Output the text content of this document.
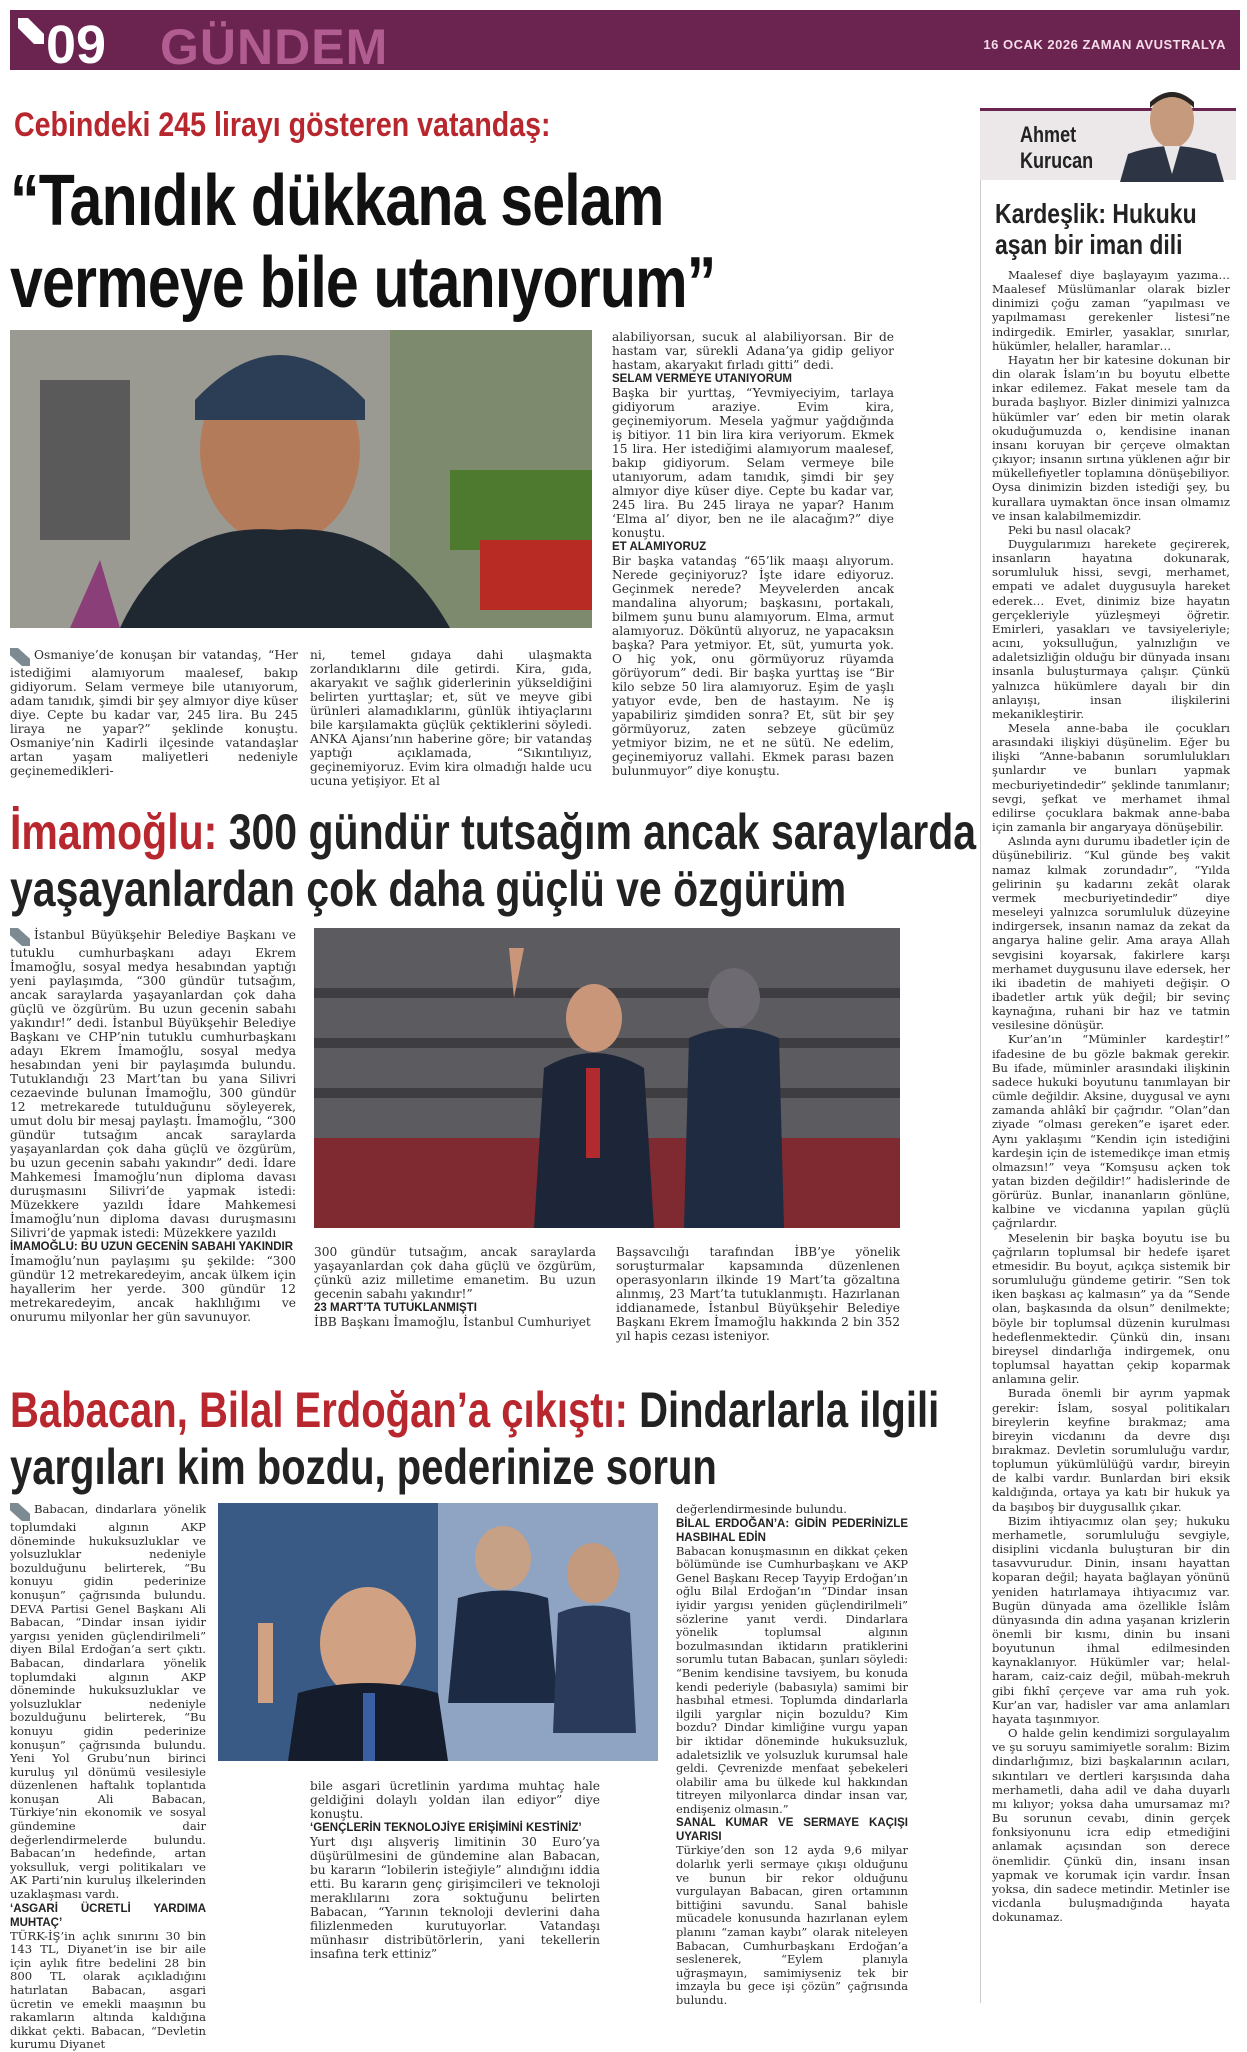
09 GÜNDEM	16 OCAK 2026 ZAMAN AVUSTRALYA
Cebindeki 245 lirayı gösteren vatandaş:
“Tanıdık dükkana selam
vermeye bile utanıyorum”
Osmaniye’de konuşan bir vatandaş, “Her istediğimi alamıyorum maalesef, bakıp gidiyorum. Selam vermeye bile utanıyorum, adam tanıdık, şimdi bir şey almıyor diye küser diye. Cepte bu kadar var, 245 lira. Bu 245 liraya ne yapar?” şeklinde konuştu. Osmaniye’nin Kadirli ilçesinde vatandaşlar artan yaşam maliyetleri nedeniyle geçinemedikleri-
ni, temel gıdaya dahi ulaşmakta zorlandıklarını dile getirdi. Kira, gıda, akaryakıt ve sağlık giderlerinin yükseldiğini belirten yurttaşlar; et, süt ve meyve gibi ürünleri alamadıklarını, günlük ihtiyaçlarını bile karşılamakta güçlük çektiklerini söyledi. ANKA Ajansı’nın haberine göre; bir vatandaş yaptığı açıklamada, “Sıkıntılıyız, geçinemiyoruz. Evim kira olmadığı halde ucu ucuna yetişiyor. Et al

alabiliyorsan, sucuk al alabiliyorsan. Bir de hastam var, sürekli Adana’ya gidip geliyor hastam, akaryakıt fırladı gitti” dedi.

SELAM VERMEYE UTANIYORUM

Başka bir yurttaş, “Yevmiyeciyim, tarlaya gidiyorum araziye. Evim kira, geçinemiyorum. Mesela yağmur yağdığında iş bitiyor. 11 bin lira kira veriyorum. Ekmek 15 lira. Her istediğimi alamıyorum maalesef, bakıp gidiyorum. Selam vermeye bile utanıyorum, adam tanıdık, şimdi bir şey almıyor diye küser diye. Cepte bu kadar var, 245 lira. Bu 245 liraya ne yapar? Hanım ‘Elma al’ diyor, ben ne ile alacağım?” diye konuştu.

ET ALAMIYORUZ

Bir başka vatandaş “65’lik maaşı alıyorum. Nerede geçiniyoruz? İşte idare ediyoruz. Geçinmek nerede? Meyvelerden ancak mandalina alıyorum; başkasını, portakalı, bilmem şunu bunu alamıyorum. Elma, armut alamıyoruz. Döküntü alıyoruz, ne yapacaksın başka? Para yetmiyor. Et, süt, yumurta yok. O hiç yok, onu görmüyoruz rüyamda görüyorum” dedi. Bir başka yurttaş ise “Bir kilo sebze 50 lira alamıyoruz. Eşim de yaşlı yatıyor evde, ben de hastayım. Ne iş yapabiliriz şimdiden sonra? Et, süt bir şey görmüyoruz, zaten sebzeye gücümüz yetmiyor bizim, ne et ne sütü. Ne edelim, geçinemiyoruz vallahi. Ekmek parası bazen bulunmuyor” diye konuştu.

İmamoğlu: 300 gündür tutsağım ancak saraylarda
yaşayanlardan çok daha güçlü ve özgürüm

İstanbul Büyükşehir Belediye Başkanı ve tutuklu cumhurbaşkanı adayı Ekrem İmamoğlu, sosyal medya hesabından yaptığı yeni paylaşımda, “300 gündür tutsağım, ancak saraylarda yaşayanlardan çok daha güçlü ve özgürüm. Bu uzun gecenin sabahı yakındır!” dedi. İstanbul Büyükşehir Belediye Başkanı ve CHP’nin tutuklu cumhurbaşkanı adayı Ekrem İmamoğlu, sosyal medya hesabından yeni bir paylaşımda bulundu. Tutuklandığı 23 Mart’tan bu yana Silivri cezaevinde bulunan İmamoğlu, 300 gündür 12 metrekarede tutulduğunu söyleyerek, umut dolu bir mesaj paylaştı. İmamoğlu, “300 gündür tutsağım ancak saraylarda yaşayanlardan çok daha güçlü ve özgürüm, bu uzun gecenin sabahı yakındır” dedi. İdare Mahkemesi İmamoğlu’nun diploma davası duruşmasını Silivri’de yapmak istedi: Müzekkere yazıldı İdare Mahkemesi İmamoğlu’nun diploma davası duruşmasını Silivri’de yapmak istedi: Müzekkere yazıldı

İMAMOĞLU: BU UZUN GECENİN SABAHI YAKINDIR

İmamoğlu’nun paylaşımı şu şekilde: “300 gündür 12 metrekaredeyim, ancak ülkem için hayallerim her yerde. 300 gündür 12 metrekaredeyim, ancak haklılığımı ve onurumu milyonlar her gün savunuyor.

300 gündür tutsağım, ancak saraylarda yaşayanlardan çok daha güçlü ve özgürüm, çünkü aziz milletime emanetim. Bu uzun gecenin sabahı yakındır!”

23 MART’TA TUTUKLANMIŞTI

İBB Başkanı İmamoğlu, İstanbul Cumhuriyet

Başsavcılığı tarafından İBB’ye yönelik soruşturmalar kapsamında düzenlenen operasyonların ilkinde 19 Mart’ta gözaltına alınmış, 23 Mart’ta tutuklanmıştı. Hazırlanan iddianamede, İstanbul Büyükşehir Belediye Başkanı Ekrem İmamoğlu hakkında 2 bin 352 yıl hapis cezası isteniyor.
Babacan, Bilal Erdoğan’a çıkıştı: Dindarlarla ilgili
yargıları kim bozdu, pederinize sorun

Babacan, dindarlara yönelik toplumdaki algının AKP döneminde hukuksuzluklar ve yolsuzluklar nedeniyle bozulduğunu belirterek, “Bu konuyu gidin pederinize konuşun” çağrısında bulundu. DEVA Partisi Genel Başkanı Ali Babacan, “Dindar insan iyidir yargısı yeniden güçlendirilmeli” diyen Bilal Erdoğan’a sert çıktı. Babacan, dindarlara yönelik toplumdaki algının AKP döneminde hukuksuzluklar ve yolsuzluklar nedeniyle bozulduğunu belirterek, “Bu konuyu gidin pederinize konuşun” çağrısında bulundu. Yeni Yol Grubu’nun birinci kuruluş yıl dönümü vesilesiyle düzenlenen haftalık toplantıda konuşan Ali Babacan, Türkiye’nin ekonomik ve sosyal gündemine dair değerlendirmelerde bulundu. Babacan’ın hedefinde, artan yoksulluk, vergi politikaları ve AK Parti’nin kuruluş ilkelerinden uzaklaşması vardı.

‘ASGARİ ÜCRETLİ YARDIMA MUHTAÇ’

TÜRK-İŞ’in açlık sınırını 30 bin 143 TL, Diyanet’in ise bir aile için aylık fitre bedelini 28 bin 800 TL olarak açıkladığını hatırlatan Babacan, asgari ücretin ve emekli maaşının bu rakamların altında kaldığına dikkat çekti. Babacan, “Devletin kurumu Diyanet

bile asgari ücretlinin yardıma muhtaç hale geldiğini dolaylı yoldan ilan ediyor” diye konuştu.

‘GENÇLERİN TEKNOLOJİYE ERİŞİMİNİ KESTİNİZ’

Yurt dışı alışveriş limitinin 30 Euro’ya düşürülmesini de gündemine alan Babacan, bu kararın “lobilerin isteğiyle” alındığını iddia etti. Bu kararın genç girişimcileri ve teknoloji meraklılarını zora soktuğunu belirten Babacan, “Yarının teknoloji devlerini daha filizlenmeden kurutuyorlar. Vatandaşı münhasır distribütörlerin, yani tekellerin insafına terk ettiniz”

değerlendirmesinde bulundu.

BİLAL ERDOĞAN’A: GİDİN PEDERİNİZLE HASBIHAL EDİN

Babacan konuşmasının en dikkat çeken bölümünde ise Cumhurbaşkanı ve AKP Genel Başkanı Recep Tayyip Erdoğan’ın oğlu Bilal Erdoğan’ın “Dindar insan iyidir yargısı yeniden güçlendirilmeli” sözlerine yanıt verdi. Dindarlara yönelik toplumsal algının bozulmasından iktidarın pratiklerini sorumlu tutan Babacan, şunları söyledi: “Benim kendisine tavsiyem, bu konuda kendi pederiyle (babasıyla) samimi bir hasbıhal etmesi. Toplumda dindarlarla ilgili yargılar niçin bozuldu? Kim bozdu? Dindar kimliğine vurgu yapan bir iktidar döneminde hukuksuzluk, adaletsizlik ve yolsuzluk kurumsal hale geldi. Çevrenizde menfaat şebekeleri olabilir ama bu ülkede kul hakkından titreyen milyonlarca dindar insan var, endişeniz olmasın.”

SANAL KUMAR VE SERMAYE KAÇIŞI UYARISI

Türkiye’den son 12 ayda 9,6 milyar dolarlık yerli sermaye çıkışı olduğunu ve bunun bir rekor olduğunu vurgulayan Babacan, giren ortamının bittiğini savundu. Sanal bahisle mücadele konusunda hazırlanan eylem planını “zaman kaybı” olarak niteleyen Babacan, Cumhurbaşkanı Erdoğan’a seslenerek, “Eylem planıyla uğraşmayın, samimiyseniz tek bir imzayla bu gece işi çözün” çağrısında bulundu.

Ahmet
Kurucan
Kardeşlik: Hukuku
aşan bir iman dili

Maalesef diye başlayayım yazıma… Maalesef Müslümanlar olarak bizler dinimizi çoğu zaman “yapılması ve yapılmaması gerekenler listesi”ne indirgedik. Emirler, yasaklar, sınırlar, hükümler, helaller, haramlar…

Hayatın her bir katesine dokunan bir din olarak İslam’ın bu boyutu elbette inkar edilemez. Fakat mesele tam da burada başlıyor. Bizler dinimizi yalnızca hükümler var’ eden bir metin olarak okuduğumuzda o, kendisine inanan insanı koruyan bir çerçeve olmaktan çıkıyor; insanın sırtına yüklenen ağır bir mükellefiyetler toplamına dönüşebiliyor. Oysa dinimizin bizden istediği şey, bu kurallara uymaktan önce insan olmamız ve insan kalabilmemizdir.

Peki bu nasıl olacak?

Duygularımızı harekete geçirerek, insanların hayatına dokunarak, sorumluluk hissi, sevgi, merhamet, empati ve adalet duygusuyla hareket ederek… Evet, dinimiz bize hayatın gerçekleriyle yüzleşmeyi öğretir. Emirleri, yasakları ve tavsiyeleriyle; acını, yoksulluğun, yalnızlığın ve adaletsizliğin olduğu bir dünyada insanı insanla buluşturmaya çalışır. Çünkü yalnızca hükümlere dayalı bir din anlayışı, insan ilişkilerini mekanikleştirir.

Mesela anne-baba ile çocukları arasındaki ilişkiyi düşünelim. Eğer bu ilişki “Anne-babanın sorumlulukları şunlardır ve bunları yapmak mecburiyetindedir” şeklinde tanımlanır; sevgi, şefkat ve merhamet ihmal edilirse çocuklara bakmak anne-baba için zamanla bir angaryaya dönüşebilir.

Aslında aynı durumu ibadetler için de düşünebiliriz. “Kul günde beş vakit namaz kılmak zorundadır”, “Yılda gelirinin şu kadarını zekât olarak vermek mecburiyetindedir” diye meseleyi yalnızca sorumluluk düzeyine indirgersek, insanın namaz da zekat da angarya haline gelir. Ama araya Allah sevgisini koyarsak, fakirlere karşı merhamet duygusunu ilave edersek, her iki ibadetin de mahiyeti değişir. O ibadetler artık yük değil; bir sevinç kaynağına, ruhani bir haz ve tatmin vesilesine dönüşür.

Kur’an’ın “Müminler kardeştir!” ifadesine de bu gözle bakmak gerekir. Bu ifade, müminler arasındaki ilişkinin sadece hukuki boyutunu tanımlayan bir cümle değildir. Aksine, duygusal ve aynı zamanda ahlâkî bir çağrıdır. “Olan”dan ziyade “olması gereken”e işaret eder. Aynı yaklaşımı “Kendin için istediğini kardeşin için de istemedikçe iman etmiş olmazsın!” veya “Komşusu açken tok yatan bizden değildir!” hadislerinde de görürüz. Bunlar, inananların gönlüne, kalbine ve vicdanına yapılan güçlü çağrılardır.

Meselenin bir başka boyutu ise bu çağrıların toplumsal bir hedefe işaret etmesidir. Bu boyut, açıkça sistemik bir sorumluluğu gündeme getirir. “Sen tok iken başkası aç kalmasın” ya da “Sende olan, başkasında da olsun” denilmekte; böyle bir toplumsal düzenin kurulması hedeflenmektedir. Çünkü din, insanı bireysel dindarlığa indirgemek, onu toplumsal hayattan çekip koparmak anlamına gelir.

Burada önemli bir ayrım yapmak gerekir: İslam, sosyal politikaları bireylerin keyfine bırakmaz; ama bireyin vicdanını da devre dışı bırakmaz. Devletin sorumluluğu vardır, toplumun yükümlülüğü vardır, bireyin de kalbi vardır. Bunlardan biri eksik kaldığında, ortaya ya katı bir hukuk ya da başıboş bir duygusallık çıkar.

Bizim ihtiyacımız olan şey; hukuku merhametle, sorumluluğu sevgiyle, disiplini vicdanla buluşturan bir din tasavvurudur. Dinin, insanı hayattan koparan değil; hayata bağlayan yönünü yeniden hatırlamaya ihtiyacımız var. Bugün dünyada ama özellikle İslâm dünyasında din adına yaşanan krizlerin önemli bir kısmı, dinin bu insani boyutunun ihmal edilmesinden kaynaklanıyor. Hükümler var; helal-haram, caiz-caiz değil, mübah-mekruh gibi fıkhî çerçeve var ama ruh yok. Kur’an var, hadisler var ama anlamları hayata taşınmıyor.

O halde gelin kendimizi sorgulayalım ve şu soruyu samimiyetle soralım: Bizim dindarlığımız, bizi başkalarının acıları, sıkıntıları ve dertleri karşısında daha merhametli, daha adil ve daha duyarlı mı kılıyor; yoksa daha umursamaz mı? Bu sorunun cevabı, dinin gerçek fonksiyonunu icra edip etmediğini anlamak açısından son derece önemlidir. Çünkü din, insanı insan yapmak ve korumak için vardır. İnsan yoksa, din sadece metindir. Metinler ise vicdanla buluşmadığında hayata dokunamaz.
